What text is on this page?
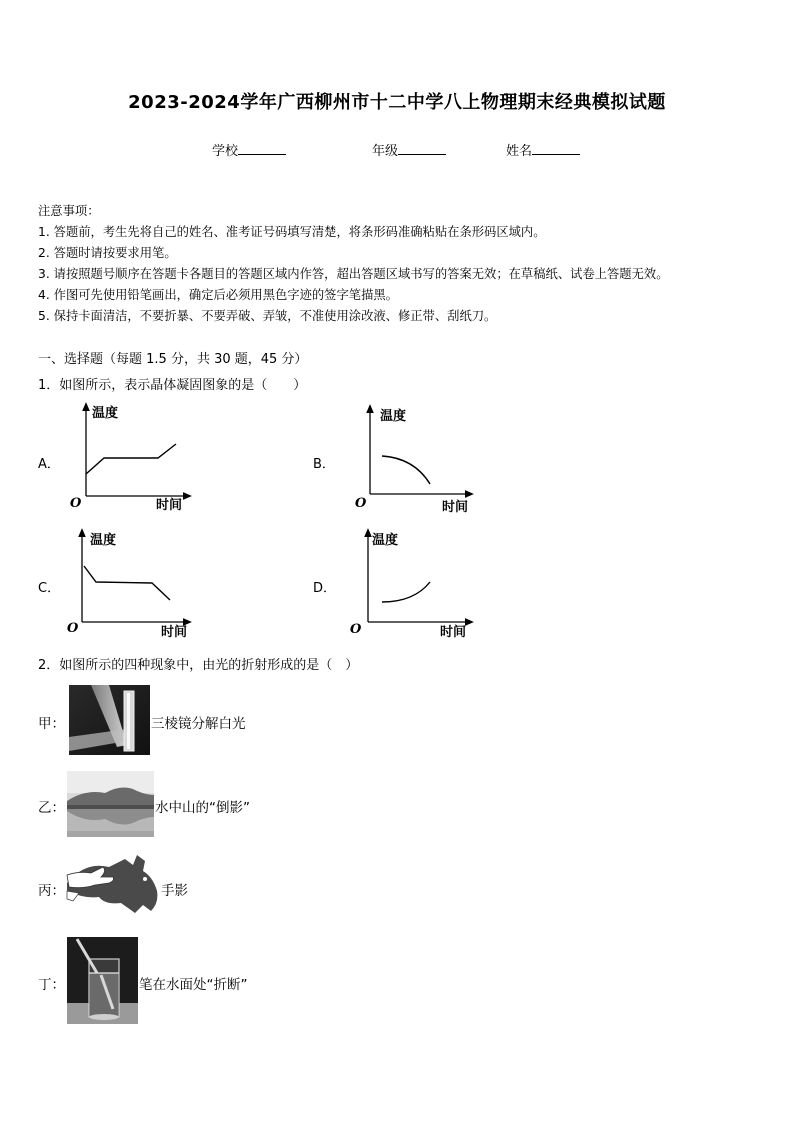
2023-2024学年广西柳州市十二中学八上物理期末经典模拟试题
学校	年级	姓名
注意事项：
1. 答题前，考生先将自己的姓名、准考证号码填写清楚，将条形码准确粘贴在条形码区域内。
2. 答题时请按要求用笔。
3. 请按照题号顺序在答题卡各题目的答题区域内作答，超出答题区域书写的答案无效；在草稿纸、试卷上答题无效。
4. 作图可先使用铅笔画出，确定后必须用黑色字迹的签字笔描黑。
5. 保持卡面清洁，不要折暴、不要弄破、弄皱，不准使用涂改液、修正带、刮纸刀。
一、选择题（每题 1.5 分，共 30 题，45 分）
1．如图所示，表示晶体凝固图象的是（　　）
A．	B．
C．	D．
温度
时间
O
温度
时间
O
温度
时间
O
温度
时间
O
2．如图所示的四种现象中，由光的折射形成的是（　）
甲：	三棱镜分解白光
乙：	水中山的“倒影”
丙：	手影
丁：	笔在水面处“折断”
